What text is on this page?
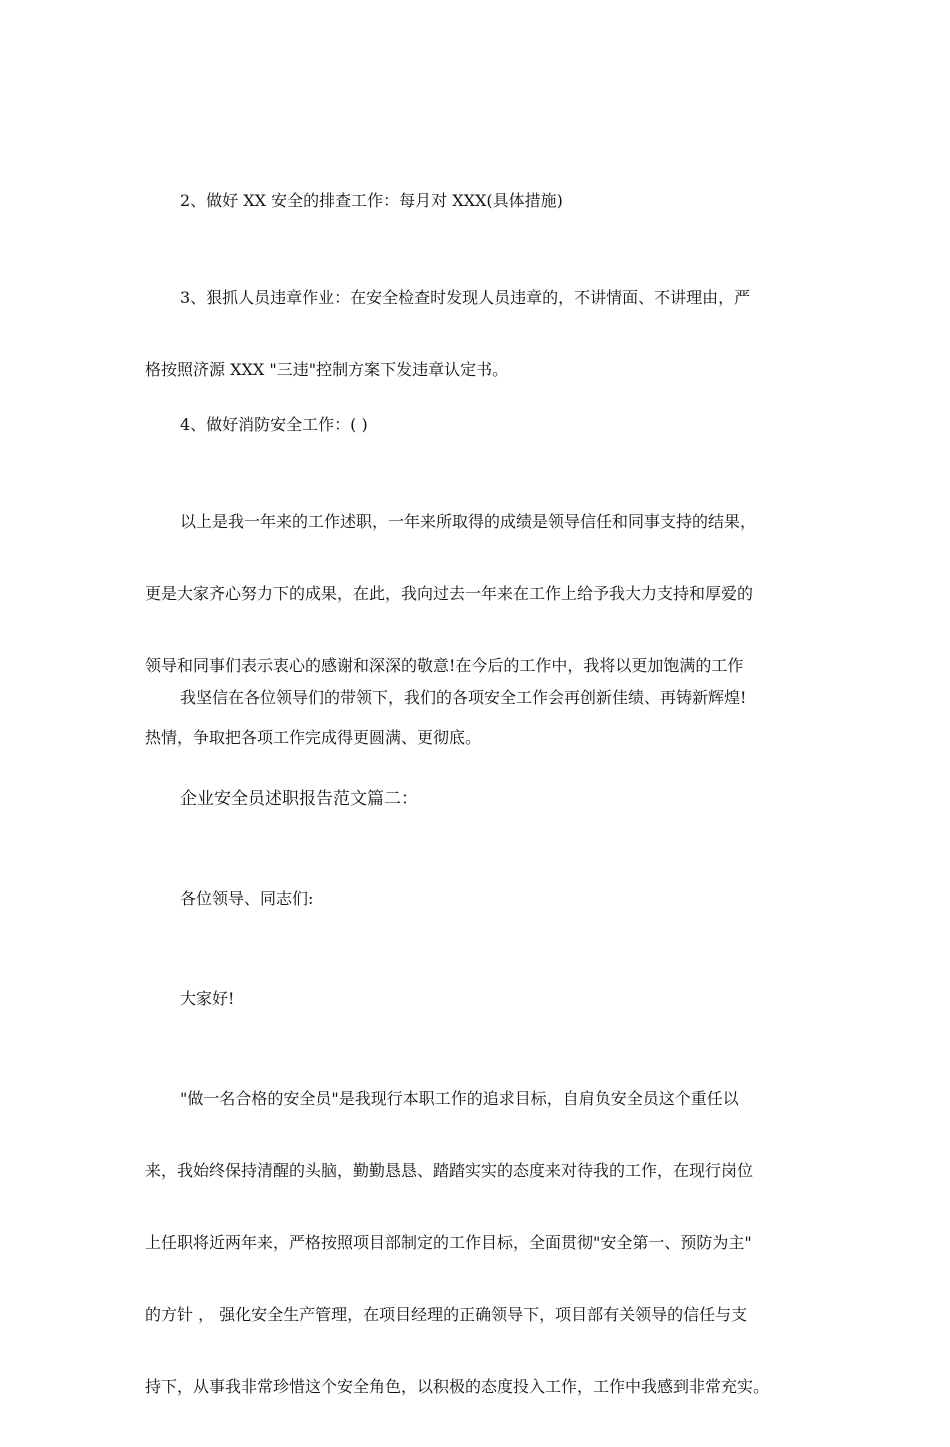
2、做好 XX 安全的排查工作：每月对 XXX(具体措施)

3、狠抓人员违章作业：在安全检查时发现人员违章的，不讲情面、不讲理由，严

格按照济源 XXX "三违"控制方案下发违章认定书。

4、做好消防安全工作：( )

以上是我一年来的工作述职，一年来所取得的成绩是领导信任和同事支持的结果，

更是大家齐心努力下的成果，在此，我向过去一年来在工作上给予我大力支持和厚爱的

领导和同事们表示衷心的感谢和深深的敬意!在今后的工作中，我将以更加饱满的工作

热情，争取把各项工作完成得更圆满、更彻底。

我坚信在各位领导们的带领下，我们的各项安全工作会再创新佳绩、再铸新辉煌!

企业安全员述职报告范文篇二：

各位领导、同志们:

大家好!

"做一名合格的安全员"是我现行本职工作的追求目标，自肩负安全员这个重任以

来，我始终保持清醒的头脑，勤勤恳恳、踏踏实实的态度来对待我的工作，在现行岗位

上任职将近两年来，严格按照项目部制定的工作目标，全面贯彻"安全第一、预防为主"

的方针 ， 强化安全生产管理，在项目经理的正确领导下，项目部有关领导的信任与支

持下，从事我非常珍惜这个安全角色，以积极的态度投入工作，工作中我感到非常充实。
